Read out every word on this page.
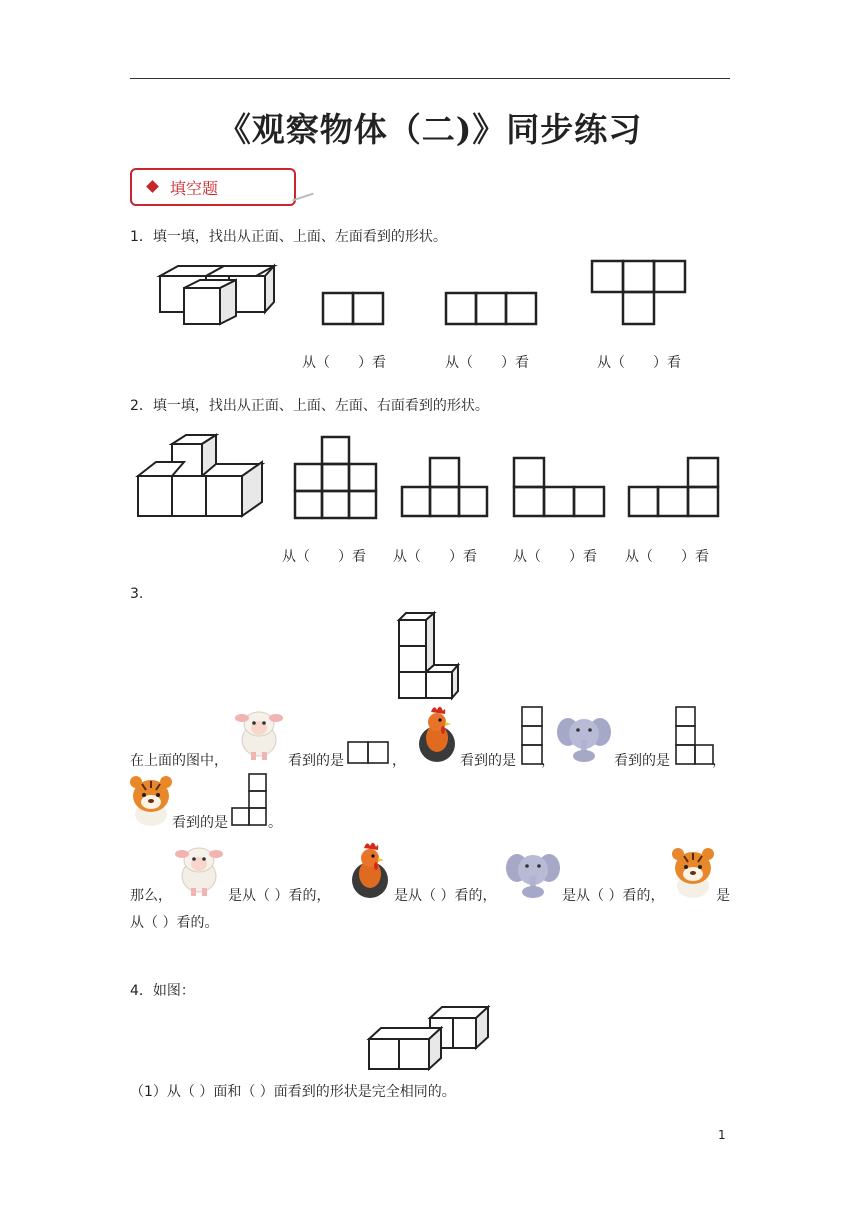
《观察物体（二)》同步练习
填空题
1．填一填，找出从正面、上面、左面看到的形状。
从（　　）看	从（　　）看	从（　　）看
2．填一填，找出从正面、上面、左面、右面看到的形状。
从（　　）看 从（　　）看	从（　　）看 从（　　）看
3.
在上面的图中，	看到的是	，	看到的是 ，	看到的是	，
看到的是	。
那么，	是从（ ）看的，	是从（ ）看的，	是从（ ）看的，	是
从（ ）看的。
4．如图：
（1）从（ ）面和（ ）面看到的形状是完全相同的。
1
